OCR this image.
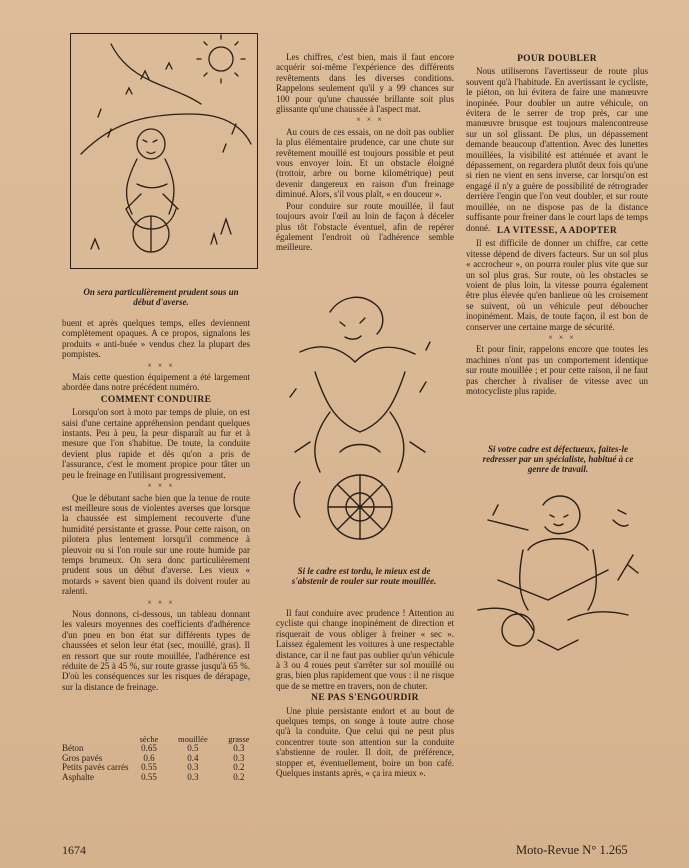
On sera particulièrement prudent sous un début d'averse.

buent et après quelques temps, elles deviennent complètement opaques. A ce propos, signalons les produits « anti-buée » vendus chez la plupart des pompistes.

× × ×

Mais cette question équipement a été largement abordée dans notre précédent numéro.

COMMENT CONDUIRE

Lorsqu'on sort à moto par temps de pluie, on est saisi d'une certaine appréhension pendant quelques instants. Peu à peu, la peur disparaît au fur et à mesure que l'on s'habitue. De toute, la conduite devient plus rapide et dès qu'on a pris de l'assurance, c'est le moment propice pour tâter un peu le freinage en l'utilisant progressivement.

× × ×

Que le débutant sache bien que la tenue de route est meilleure sous de violentes averses que lorsque la chaussée est simplement recouverte d'une humidité persistante et grasse. Pour cette raison, on pilotera plus lentement lorsqu'il commence à pleuvoir ou si l'on roule sur une route humide par temps brumeux. On sera donc particulièrement prudent sous un début d'averse. Les vieux « motards » savent bien quand ils doivent rouler au ralenti.

× × ×

Nous donnons, ci-dessous, un tableau donnant les valeurs moyennes des coefficients d'adhérence d'un pneu en bon état sur différents types de chaussées et selon leur état (sec, mouillé, gras). Il en ressort que sur route mouillée, l'adhérence est réduite de 25 à 45 %, sur route grasse jusqu'à 65 %. D'où les conséquences sur les risques de dérapage, sur la distance de freinage.

	sèche	mouillée	grasse
Béton	0.65	0.5	0.3
Gros pavés	0.6	0.4	0.3
Petits pavés carrés	0.55	0.3	0.2
Asphalte	0.55	0.3	0.2

Les chiffres, c'est bien, mais il faut encore acquérir soi-même l'expérience des différents revêtements dans les diverses conditions. Rappelons seulement qu'il y a 99 chances sur 100 pour qu'une chaussée brillante soit plus glissante qu'une chaussée à l'aspect mat.

× × ×

Au cours de ces essais, on ne doit pas oublier la plus élémentaire prudence, car une chute sur revêtement mouillé est toujours possible et peut vous envoyer loin. Et un obstacle éloigné (trottoir, arbre ou borne kilométrique) peut devenir dangereux en raison d'un freinage diminué. Alors, s'il vous plaît, « en douceur ».

Pour conduire sur route mouillée, il faut toujours avoir l'œil au loin de façon à déceler plus tôt l'obstacle éventuel, afin de repérer également l'endroit où l'adhérence semble meilleure.

Si le cadre est tordu, le mieux est de s'abstenir de rouler sur route mouillée.

Il faut conduire avec prudence ! Attention au cycliste qui change inopinément de direction et risquerait de vous obliger à freiner « sec ». Laissez également les voitures à une respectable distance, car il ne faut pas oublier qu'un véhicule à 3 ou 4 roues peut s'arrêter sur sol mouillé ou gras, bien plus rapidement que vous : il ne risque que de se mettre en travers, non de chuter.

NE PAS S'ENGOURDIR

Une pluie persistante endort et au bout de quelques temps, on songe à toute autre chose qu'à la conduite. Que celui qui ne peut plus concentrer toute son attention sur la conduite s'abstienne de rouler. Il doit, de préférence, stopper et, éventuellement, boire un bon café. Quelques instants après, « ça ira mieux ».

POUR DOUBLER

Nous utiliserons l'avertisseur de route plus souvent qu'à l'habitude. En avertissant le cycliste, le piéton, on lui évitera de faire une manœuvre inopinée. Pour doubler un autre véhicule, on évitera de le serrer de trop près, car une manœuvre brusque est toujours malencontreuse sur un sol glissant. De plus, un dépassement demande beaucoup d'attention. Avec des lunettes mouillées, la visibilité est atténuée et avant le dépassement, on regardera plutôt deux fois qu'une si rien ne vient en sens inverse, car lorsqu'on est engagé il n'y a guère de possibilité de rétrograder derrière l'engin que l'on veut doubler, et sur route mouillée, on ne dispose pas de la distance suffisante pour freiner dans le court laps de temps donné. LA VITESSE, A ADOPTER

Il est difficile de donner un chiffre, car cette vitesse dépend de divers facteurs. Sur un sol plus « accrocheur », on pourra rouler plus vite que sur un sol plus gras. Sur route, où les obstacles se voient de plus loin, la vitesse pourra également être plus élevée qu'en banlieue où les croisement se suivent, où un véhicule peut déboucher inopinément. Mais, de toute façon, il est bon de conserver une certaine marge de sécurité.

× × ×

Et pour finir, rappelons encore que toutes les machines n'ont pas un comportement identique sur route mouillée ; et pour cette raison, il ne faut pas chercher à rivaliser de vitesse avec un motocycliste plus rapide.

Si votre cadre est défectueux, faites-le redresser par un spécialiste, habitué à ce genre de travail.
1674	Moto-Revue N° 1.265
